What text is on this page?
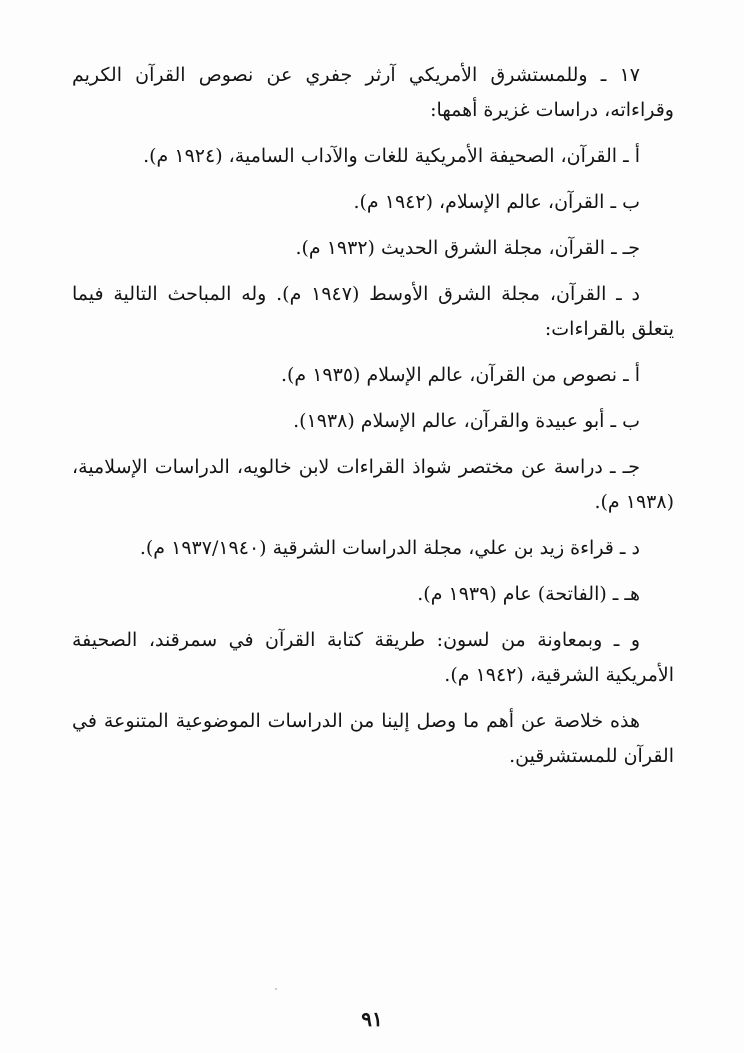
١٧ ـ وللمستشرق الأمريكي آرثر جفري عن نصوص القرآن الكريم وقراءاته، دراسات غزيرة أهمها:

أ ـ القرآن، الصحيفة الأمريكية للغات والآداب السامية، (١٩٢٤ م).

ب ـ القرآن، عالم الإسلام، (١٩٤٢ م).

جـ ـ القرآن، مجلة الشرق الحديث (١٩٣٢ م).

د ـ القرآن، مجلة الشرق الأوسط (١٩٤٧ م). وله المباحث التالية فيما يتعلق بالقراءات:

أ ـ نصوص من القرآن، عالم الإسلام (١٩٣٥ م).

ب ـ أبو عبيدة والقرآن، عالم الإسلام (١٩٣٨).

جـ ـ دراسة عن مختصر شواذ القراءات لابن خالويه، الدراسات الإسلامية، (١٩٣٨ م).

د ـ قراءة زيد بن علي، مجلة الدراسات الشرقية (١٩٣٧/١٩٤٠ م).

هـ ـ (الفاتحة) عام (١٩٣٩ م).

و ـ وبمعاونة من لسون: طريقة كتابة القرآن في سمرقند، الصحيفة الأمريكية الشرقية، (١٩٤٢ م).

هذه خلاصة عن أهم ما وصل إلينا من الدراسات الموضوعية المتنوعة في القرآن للمستشرقين.

٩١
